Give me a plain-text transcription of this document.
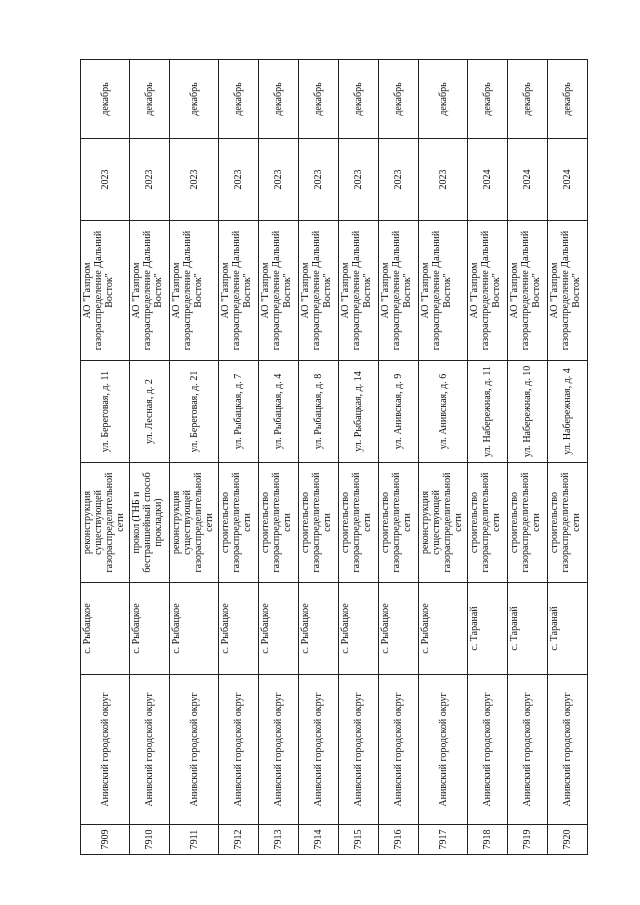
7909	Анивский городской округ	с. Рыбацкое	реконструкция существующей газораспределительной сети	ул. Береговая, д. 11	АО "Газпром газораспределение Дальний Восток"	2023	декабрь
7910	Анивский городской округ	с. Рыбацкое	прокол (ГНБ и бестраншейный способ прокладки)	ул. Лесная, д. 2	АО "Газпром газораспределение Дальний Восток"	2023	декабрь
7911	Анивский городской округ	с. Рыбацкое	реконструкция существующей газораспределительной сети	ул. Береговая, д. 21	АО "Газпром газораспределение Дальний Восток"	2023	декабрь
7912	Анивский городской округ	с. Рыбацкое	строительство газораспределительной сети	ул. Рыбацкая, д. 7	АО "Газпром газораспределение Дальний Восток"	2023	декабрь
7913	Анивский городской округ	с. Рыбацкое	строительство газораспределительной сети	ул. Рыбацкая, д. 4	АО "Газпром газораспределение Дальний Восток"	2023	декабрь
7914	Анивский городской округ	с. Рыбацкое	строительство газораспределительной сети	ул. Рыбацкая, д. 8	АО "Газпром газораспределение Дальний Восток"	2023	декабрь
7915	Анивский городской округ	с. Рыбацкое	строительство газораспределительной сети	ул. Рыбацкая, д. 14	АО "Газпром газораспределение Дальний Восток"	2023	декабрь
7916	Анивский городской округ	с. Рыбацкое	строительство газораспределительной сети	ул. Анивская, д. 9	АО "Газпром газораспределение Дальний Восток"	2023	декабрь
7917	Анивский городской округ	с. Рыбацкое	реконструкция существующей газораспределительной сети	ул. Анивская, д. 6	АО "Газпром газораспределение Дальний Восток"	2023	декабрь
7918	Анивский городской округ	с. Таранай	строительство газораспределительной сети	ул. Набережная, д. 11	АО "Газпром газораспределение Дальний Восток"	2024	декабрь
7919	Анивский городской округ	с. Таранай	строительство газораспределительной сети	ул. Набережная, д. 10	АО "Газпром газораспределение Дальний Восток"	2024	декабрь
7920	Анивский городской округ	с. Таранай	строительство газораспределительной сети	ул. Набережная, д. 4	АО "Газпром газораспределение Дальний Восток"	2024	декабрь
